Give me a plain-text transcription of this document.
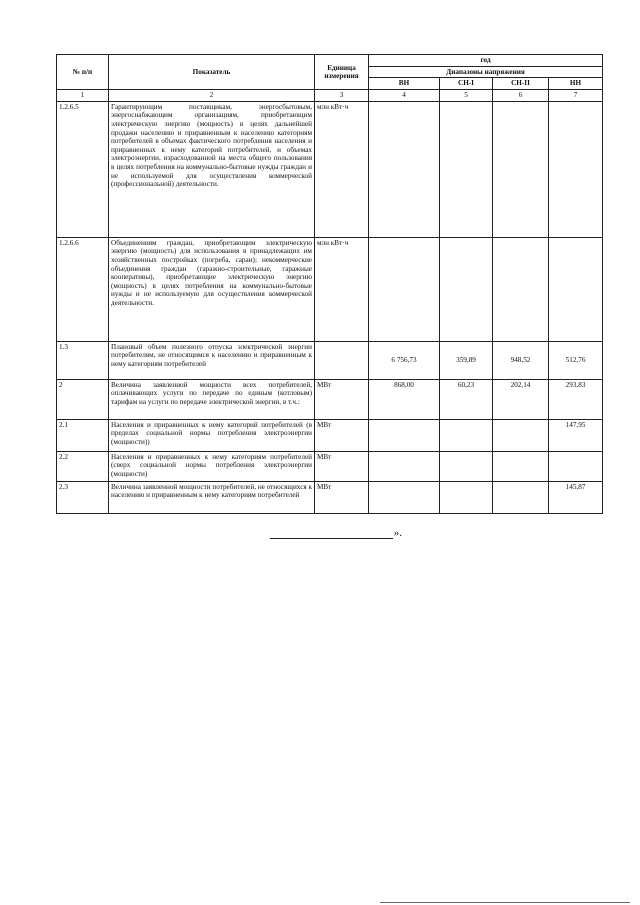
№ п/п	Показатель	Единица измерения	год			
			Диапазоны напряжения			
			ВН	СН-I	СН-II	НН
1	2	3	4	5	6	7
1.2.6.5	Гарантирующим поставщикам, энергосбытовым, энергоснабжающим организациям, приобретающим электрическую энергию (мощность) в целях дальнейшей продажи населению и приравненным к населению категориям потребителей в объемах фактического потребления населения и приравненных к нему категорий потребителей, и объемах электроэнергии, израсходованной на места общего пользования в целях потребления на коммунально-бытовые нужды граждан и не используемой для осуществления коммерческой (профессиональной) деятельности.	млн кВт·ч				
1.2.6.6	Объединениям граждан, приобретающим электрическую энергию (мощность) для использования в принадлежащих им хозяйственных постройках (погреба, сараи); некоммерческие объединения граждан (гаражно-строительные, гаражные кооперативы), приобретающие электрическую энергию (мощность) в целях потребления на коммунально-бытовые нужды и не используемую для осуществления коммерческой деятельности.	млн кВт·ч				
1.3	Плановый объем полезного отпуска электрической энергии потребителям, не относящимся к населению и приравненным к нему категориям потребителей		6 756,73	359,89	948,52	512,76
2	Величина заявленной мощности всех потребителей, оплачивающих услуги по передаче по единым (котловым) тарифам на услуги по передаче электрической энергии, в т.ч.:	МВт	868,00	60,23	202,14	293,83
2.1	Населения и приравненных к нему категорий потребителей (в пределах социальной нормы потребления электроэнергии (мощности))	МВт				147,95
2.2	Населения и приравненных к нему категориям потребителей (сверх социальной нормы потребления электроэнергии (мощности)	МВт				
2.3	Величина заявленной мощности потребителей, не относящихся к населению и приравненным к нему категориям потребителей	МВт				145,87
».
